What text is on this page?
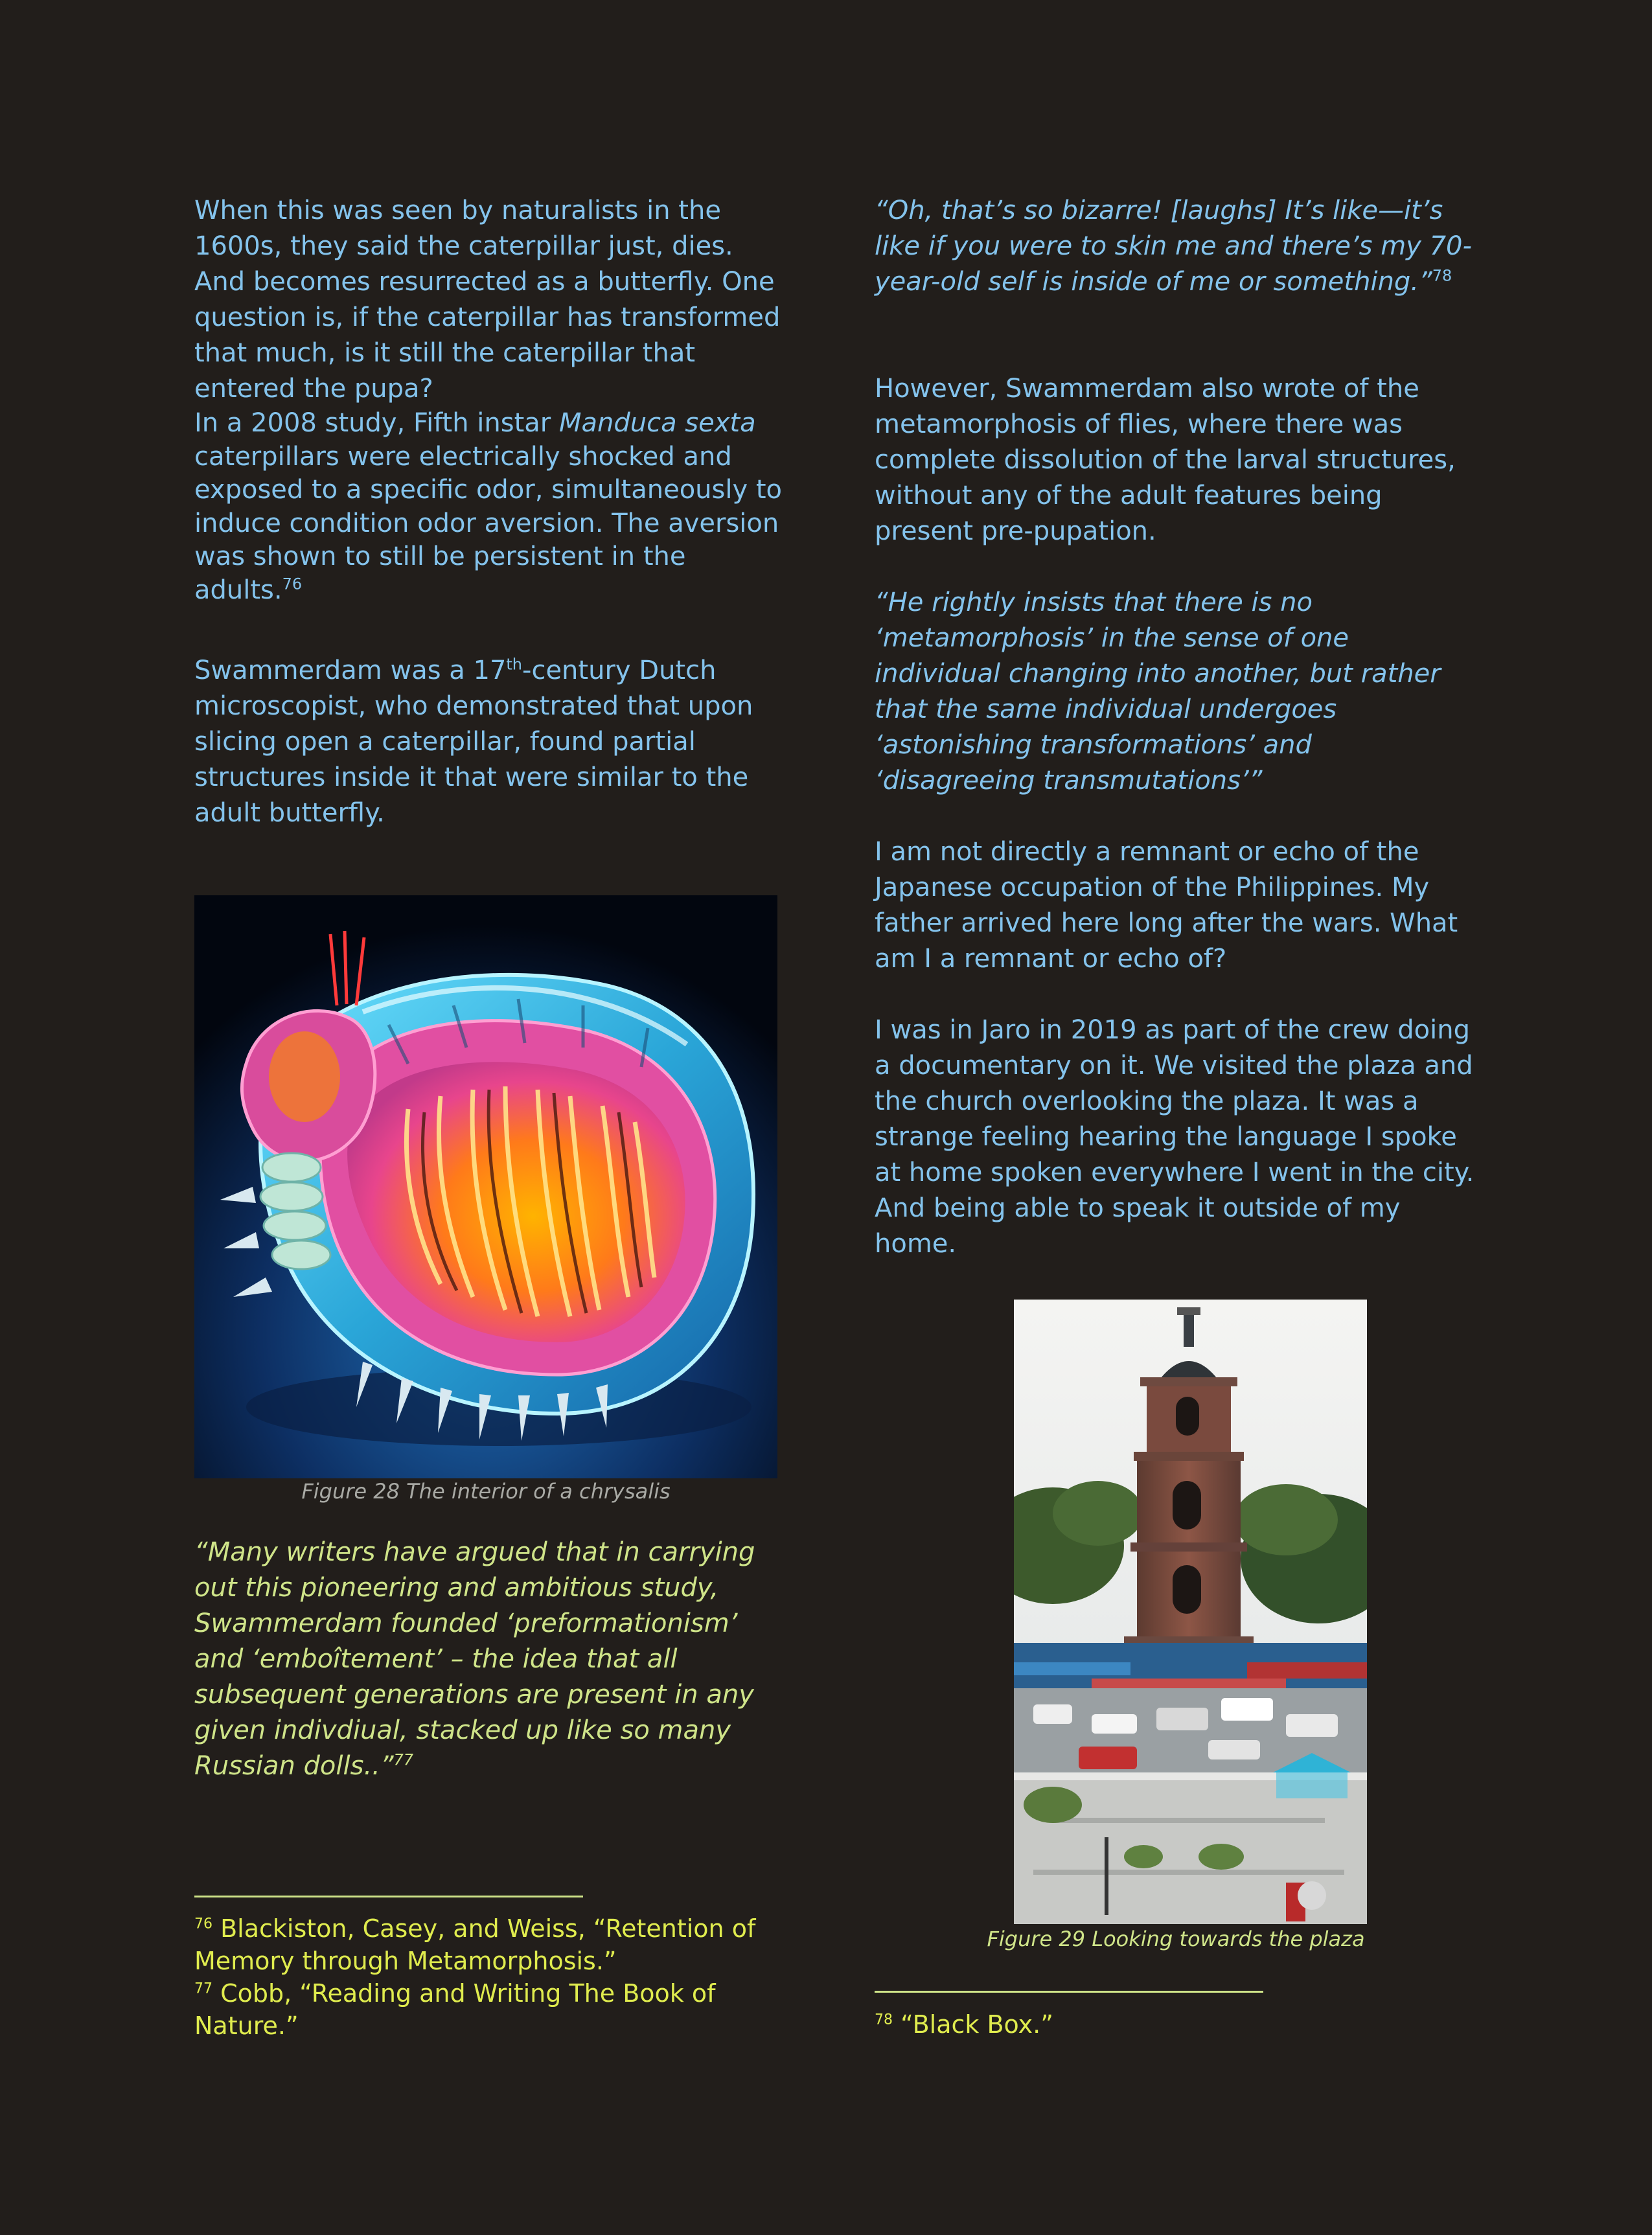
When this was seen by naturalists in the 1600s, they said the caterpillar just, dies. And becomes resurrected as a butterfly. One question is, if the caterpillar has transformed that much, is it still the caterpillar that entered the pupa?

In a 2008 study, Fifth instar Manduca sexta caterpillars were electrically shocked and exposed to a specific odor, simultaneously to induce condition odor aversion. The aversion was shown to still be persistent in the adults.$^{76}$

Swammerdam was a 17th-century Dutch microscopist, who demonstrated that upon slicing open a caterpillar, found partial structures inside it that were similar to the adult butterfly.

Figure 28 The interior of a chrysalis

“Many writers have argued that in carrying out this pioneering and ambitious study, Swammerdam founded ‘preformationism’ and ‘emboîtement’ – the idea that all subsequent generations are present in any given indivdiual, stacked up like so many Russian dolls..”$^{77}$

$^{76}$ Blackiston, Casey, and Weiss, “Retention of Memory through Metamorphosis.”

$^{77}$ Cobb, “Reading and Writing The Book of Nature.”

“Oh, that’s so bizarre! [laughs] It’s like—it’s like if you were to skin me and there’s my 70-year-old self is inside of me or something.”$^{78}$

However, Swammerdam also wrote of the metamorphosis of flies, where there was complete dissolution of the larval structures, without any of the adult features being present pre-pupation.

“He rightly insists that there is no ‘metamorphosis’ in the sense of one individual changing into another, but rather that the same individual undergoes ‘astonishing transformations’ and ‘disagreeing transmutations’”

I am not directly a remnant or echo of the Japanese occupation of the Philippines. My father arrived here long after the wars. What am I a remnant or echo of?

I was in Jaro in 2019 as part of the crew doing a documentary on it. We visited the plaza and the church overlooking the plaza. It was a strange feeling hearing the language I spoke at home spoken everywhere I went in the city. And being able to speak it outside of my home.

Figure 29 Looking towards the plaza

$^{78}$ “Black Box.”
